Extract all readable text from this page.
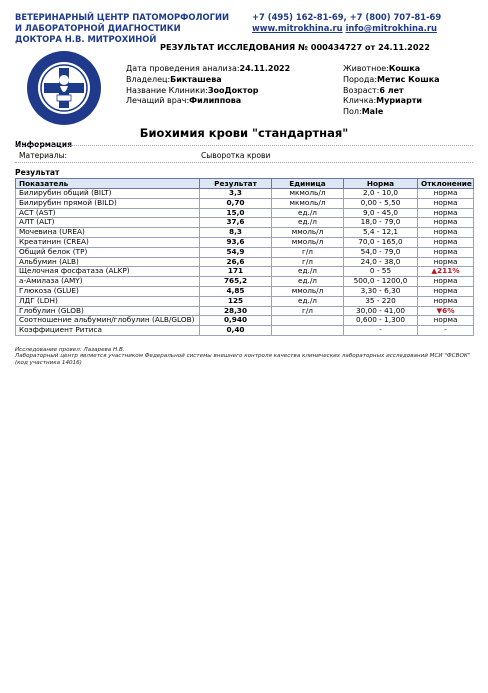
ВЕТЕРИНАРНЫЙ ЦЕНТР ПАТОМОРФОЛОГИИ
И ЛАБОРАТОРНОЙ ДИАГНОСТИКИ
ДОКТОРА Н.В. МИТРОХИНОЙ
+7 (495) 162-81-69, +7 (800) 707-81-69
www.mitrokhina.ru info@mitrokhina.ru
РЕЗУЛЬТАТ ИССЛЕДОВАНИЯ № 000434727 от 24.11.2022
Дата проведения анализа:24.11.2022
Владелец:Бикташева
Название Клиники:ЗооДоктор
Лечащий врач:Филиппова
Животное:Кошка
Порода:Метис Кошка
Возраст:6 лет
Кличка:Муриарти
Пол:Male
Биохимия крови "стандартная"
Информация
Материалы:	Сыворотка крови
Результат
Показатель	Результат	Единица	Норма	Отклонение
Билирубин общий (BILT)	3,3	мкмоль/л	2,0 - 10,0	норма
Билирубин прямой (BILD)	0,70	мкмоль/л	0,00 - 5,50	норма
АСТ (AST)	15,0	ед./л	9,0 - 45,0	норма
АЛТ (ALT)	37,6	ед./л	18,0 - 79,0	норма
Мочевина (UREA)	8,3	ммоль/л	5,4 - 12,1	норма
Креатинин (CREA)	93,6	ммоль/л	70,0 - 165,0	норма
Общий белок (TP)	54,9	г/л	54,0 - 79,0	норма
Альбумин (ALB)	26,6	г/л	24,0 - 38,0	норма
Щелочная фосфатаза (ALKP)	171	ед./л	0 - 55	▲211%
а-Амилаза (AMY)	765,2	ед./л	500,0 - 1200,0	норма
Глюкоза (GLUE)	4,85	ммоль/л	3,30 - 6,30	норма
ЛДГ (LDH)	125	ед./л	35 - 220	норма
Глобулин (GLOB)	28,30	г/л	30,00 - 41,00	▼6%
Соотношение альбумин/глобулин (ALB/GLOB)	0,940		0,600 - 1,300	норма
Коэффициент Ритиса	0,40		-	-
Исследование провел: Лазарева Н.В.
Лабораторный центр является участником Федеральной системы внешнего контроля качества клинических лабораторных исследований МСИ "ФСВОК" (код участника 14016)
